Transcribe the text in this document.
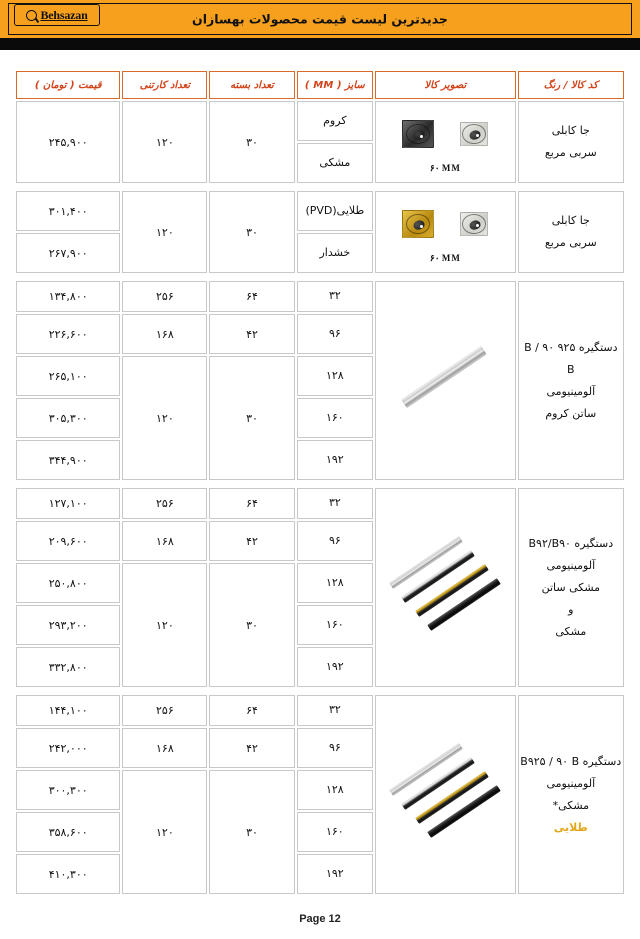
جدیدترین لیست قیمت محصولات بهسازان
Behsazan
کد کالا / رنگ	تصویر کالا	سایز ( MM )	تعداد بسته	تعداد کارتنی	قیمت ( تومان )

جا کابلی
سربی مربع	۶۰ MM	کروم	۳۰	۱۲۰	۲۴۵,۹۰۰
		مشکی			

جا کابلی
سربی مربع	۶۰ MM	طلایی(PVD)	۳۰	۱۲۰	۳۰۱,۴۰۰
		خشدار			۲۶۷,۹۰۰

دستگیره ۹۲۵ B / ۹۰ B
آلومینیومی
ساتن کروم		۳۲	۶۴	۲۵۶	۱۳۴,۸۰۰
		۹۶	۴۲	۱۶۸	۲۲۶,۶۰۰
		۱۲۸	۳۰	۱۲۰	۲۶۵,۱۰۰
		۱۶۰			۳۰۵,۳۰۰
		۱۹۲			۳۴۴,۹۰۰

دستگیره B۹۲/B۹۰
آلومینیومی
مشکی ساتن
و
مشکی		۳۲	۶۴	۲۵۶	۱۲۷,۱۰۰
		۹۶	۴۲	۱۶۸	۲۰۹,۶۰۰
		۱۲۸	۳۰	۱۲۰	۲۵۰,۸۰۰
		۱۶۰			۲۹۳,۲۰۰
		۱۹۲			۳۳۲,۸۰۰

دستگیره B۹۲۵ / ۹۰ B
آلومینیومی
مشکی*
طلایی		۳۲	۶۴	۲۵۶	۱۴۴,۱۰۰
		۹۶	۴۲	۱۶۸	۲۴۲,۰۰۰
		۱۲۸	۳۰	۱۲۰	۳۰۰,۳۰۰
		۱۶۰			۳۵۸,۶۰۰
		۱۹۲			۴۱۰,۳۰۰

Page 12
